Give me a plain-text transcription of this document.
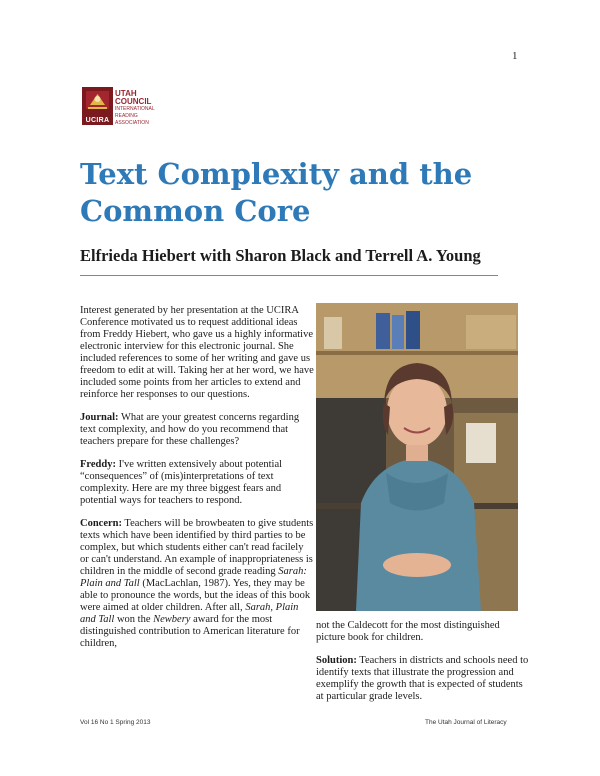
1
UCIRA
UTAH
COUNCIL
INTERNATIONAL
READING
ASSOCIATION
Text Complexity and the Common Core
Elfrieda Hiebert with Sharon Black and Terrell A. Young

Interest generated by her presentation at the UCIRA Conference motivated us to request additional ideas from Freddy Hiebert, who gave us a highly informative electronic interview for this electronic journal. She included references to some of her writing and gave us freedom to edit at will. Taking her at her word, we have included some points from her articles to extend and reinforce her responses to our questions.

Journal: What are your greatest concerns regarding text complexity, and how do you recommend that teachers prepare for these challenges?

Freddy: I've written extensively about potential “consequences” of (mis)interpretations of text complexity. Here are my three biggest fears and potential ways for teachers to respond.

Concern: Teachers will be browbeaten to give students texts which have been identified by third parties to be complex, but which students either can't read facilely or can't understand. An example of inappropriateness is children in the middle of second grade reading Sarah: Plain and Tall (MacLachlan, 1987). Yes, they may be able to pronounce the words, but the ideas of this book were aimed at older children. After all, Sarah, Plain and Tall won the Newbery award for the most distinguished contribution to American literature for children,

not the Caldecott for the most distinguished picture book for children.

Solution: Teachers in districts and schools need to identify texts that illustrate the progression and exemplify the growth that is expected of students at particular grade levels.

Vol 16 No 1 Spring 2013	The Utah Journal of Literacy
